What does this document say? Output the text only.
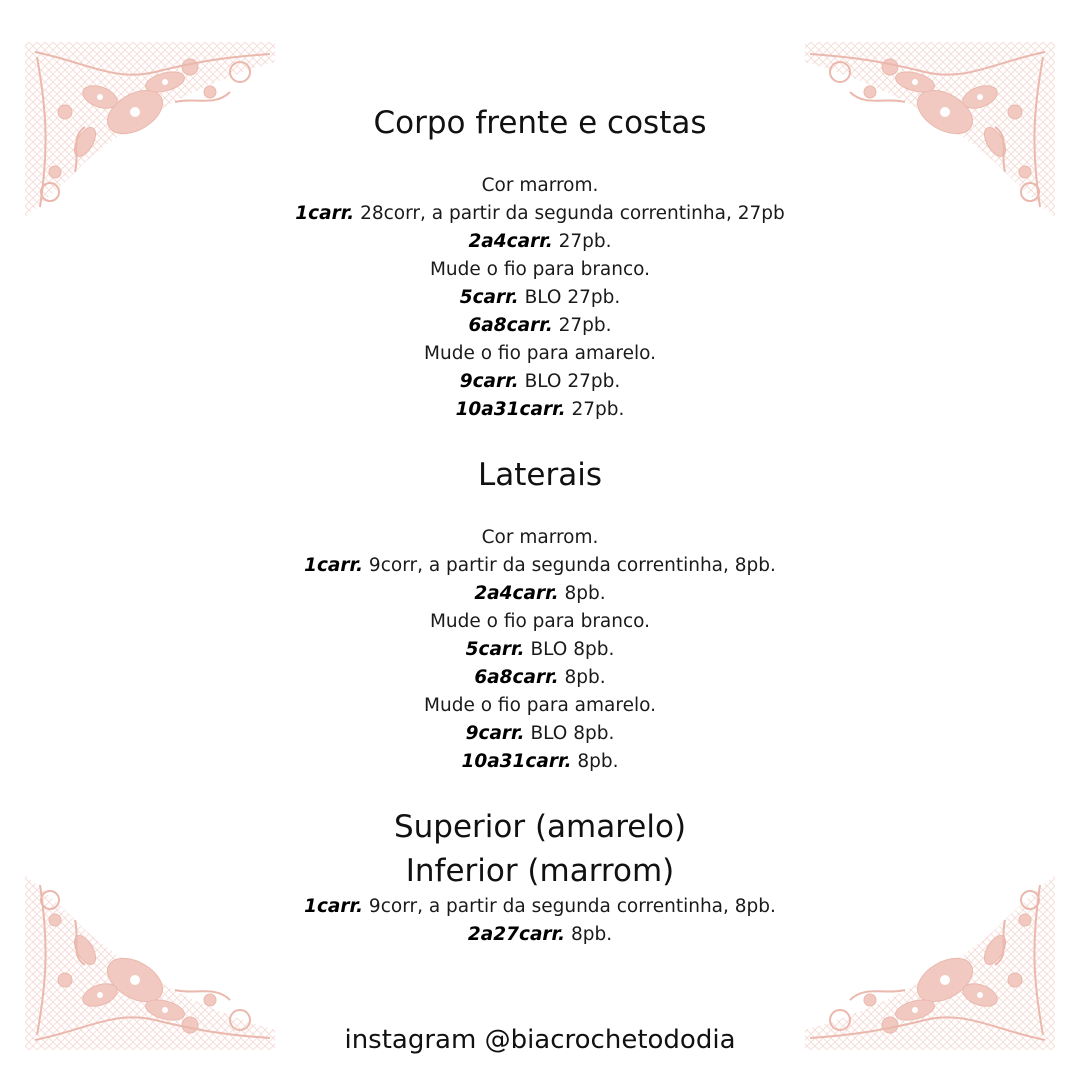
Corpo frente e costas
Cor marrom.
1carr. 28corr, a partir da segunda correntinha, 27pb
2a4carr. 27pb.
Mude o fio para branco.
5carr. BLO 27pb.
6a8carr. 27pb.
Mude o fio para amarelo.
9carr. BLO 27pb.
10a31carr. 27pb.
Laterais
Cor marrom.
1carr. 9corr, a partir da segunda correntinha, 8pb.
2a4carr. 8pb.
Mude o fio para branco.
5carr. BLO 8pb.
6a8carr. 8pb.
Mude o fio para amarelo.
9carr. BLO 8pb.
10a31carr. 8pb.
Superior (amarelo)
Inferior (marrom)
1carr. 9corr, a partir da segunda correntinha, 8pb.
2a27carr. 8pb.
instagram @biacrochetododia
